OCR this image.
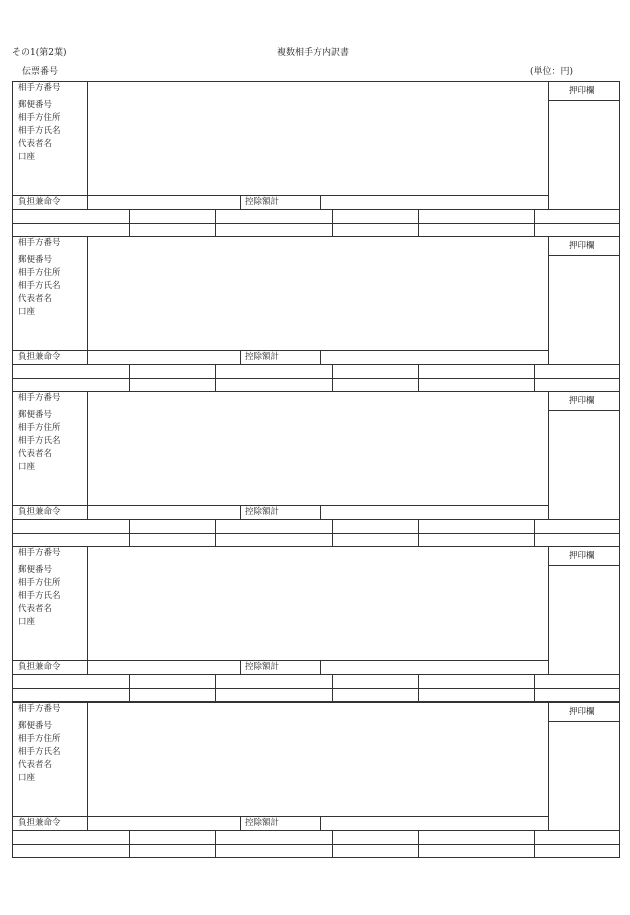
その1(第2葉)	複数相手方内訳書
伝票番号	(単位：円)
相手方番号
郵便番号
相手方住所
相手方氏名
代表者名
口座
押印欄
負担兼命令	控除額計
相手方番号
郵便番号
相手方住所
相手方氏名
代表者名
口座
押印欄
負担兼命令	控除額計
相手方番号
郵便番号
相手方住所
相手方氏名
代表者名
口座
押印欄
負担兼命令	控除額計
相手方番号
郵便番号
相手方住所
相手方氏名
代表者名
口座
押印欄
負担兼命令	控除額計
相手方番号
郵便番号
相手方住所
相手方氏名
代表者名
口座
押印欄
負担兼命令	控除額計
